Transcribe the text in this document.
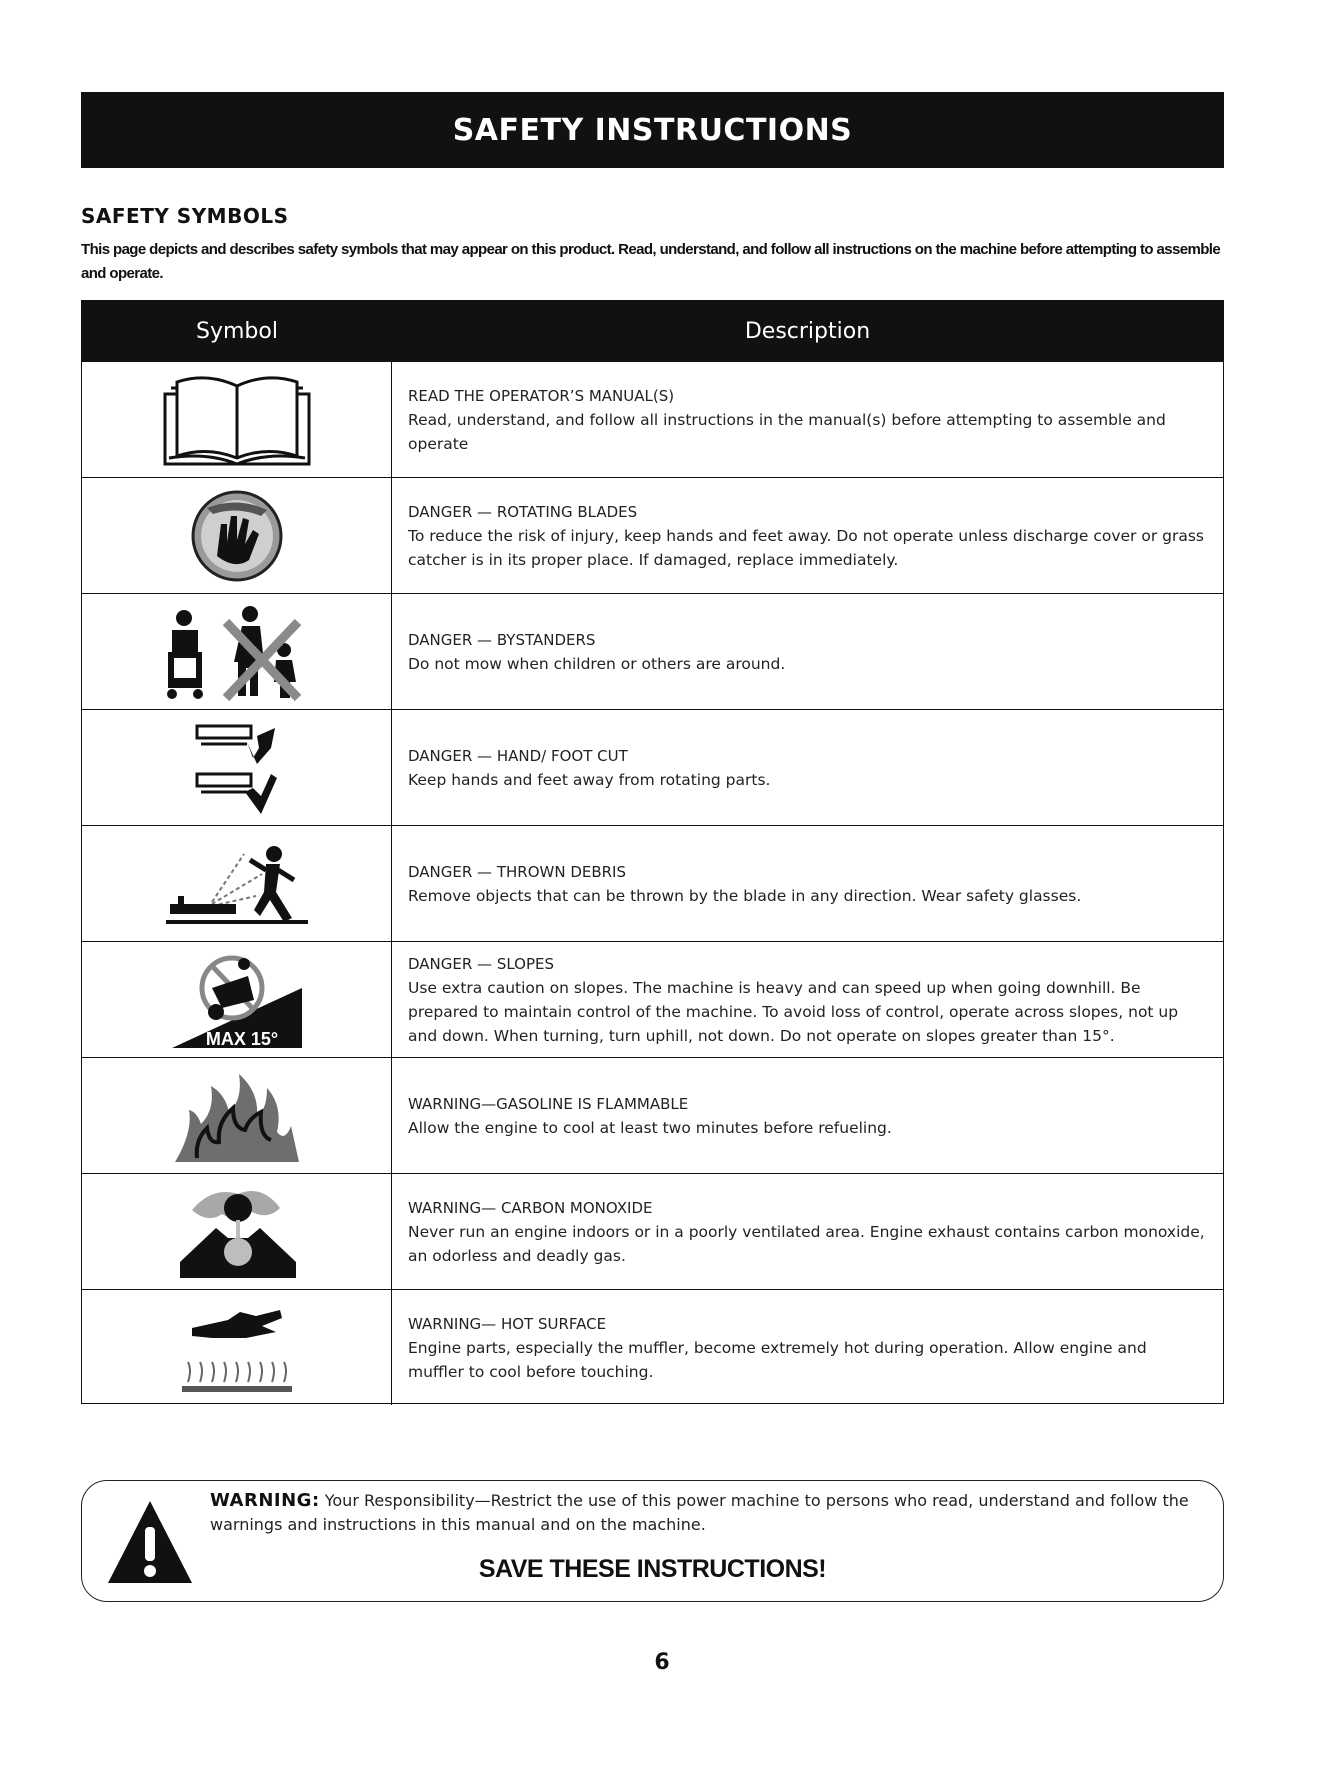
SAFETY INSTRUCTIONS
SAFETY SYMBOLS

This page depicts and describes safety symbols that may appear on this product. Read, understand, and follow all instructions on the machine before attempting to assemble and operate.

Symbol	Description
READ THE OPERATOR’S MANUAL(S)
Read, understand, and follow all instructions in the manual(s) before attempting to assemble and operate
DANGER — ROTATING BLADES
To reduce the risk of injury, keep hands and feet away. Do not operate unless discharge cover or grass catcher is in its proper place. If damaged, replace immediately.
DANGER — BYSTANDERS
Do not mow when children or others are around.
DANGER — HAND/ FOOT CUT
Keep hands and feet away from rotating parts.
DANGER — THROWN DEBRIS
Remove objects that can be thrown by the blade in any direction. Wear safety glasses.
MAX 15°
DANGER — SLOPES
Use extra caution on slopes. The machine is heavy and can speed up when going downhill. Be prepared to maintain control of the machine. To avoid loss of control, operate across slopes, not up and down. When turning, turn uphill, not down. Do not operate on slopes greater than 15°.
WARNING—GASOLINE IS FLAMMABLE
Allow the engine to cool at least two minutes before refueling.
WARNING— CARBON MONOXIDE
Never run an engine indoors or in a poorly ventilated area. Engine exhaust contains carbon monoxide, an odorless and deadly gas.
WARNING— HOT SURFACE
Engine parts, especially the muffler, become extremely hot during operation. Allow engine and muffler to cool before touching.
WARNING: Your Responsibility—Restrict the use of this power machine to persons who read, understand and follow the warnings and instructions in this manual and on the machine.
SAVE THESE INSTRUCTIONS!
6
